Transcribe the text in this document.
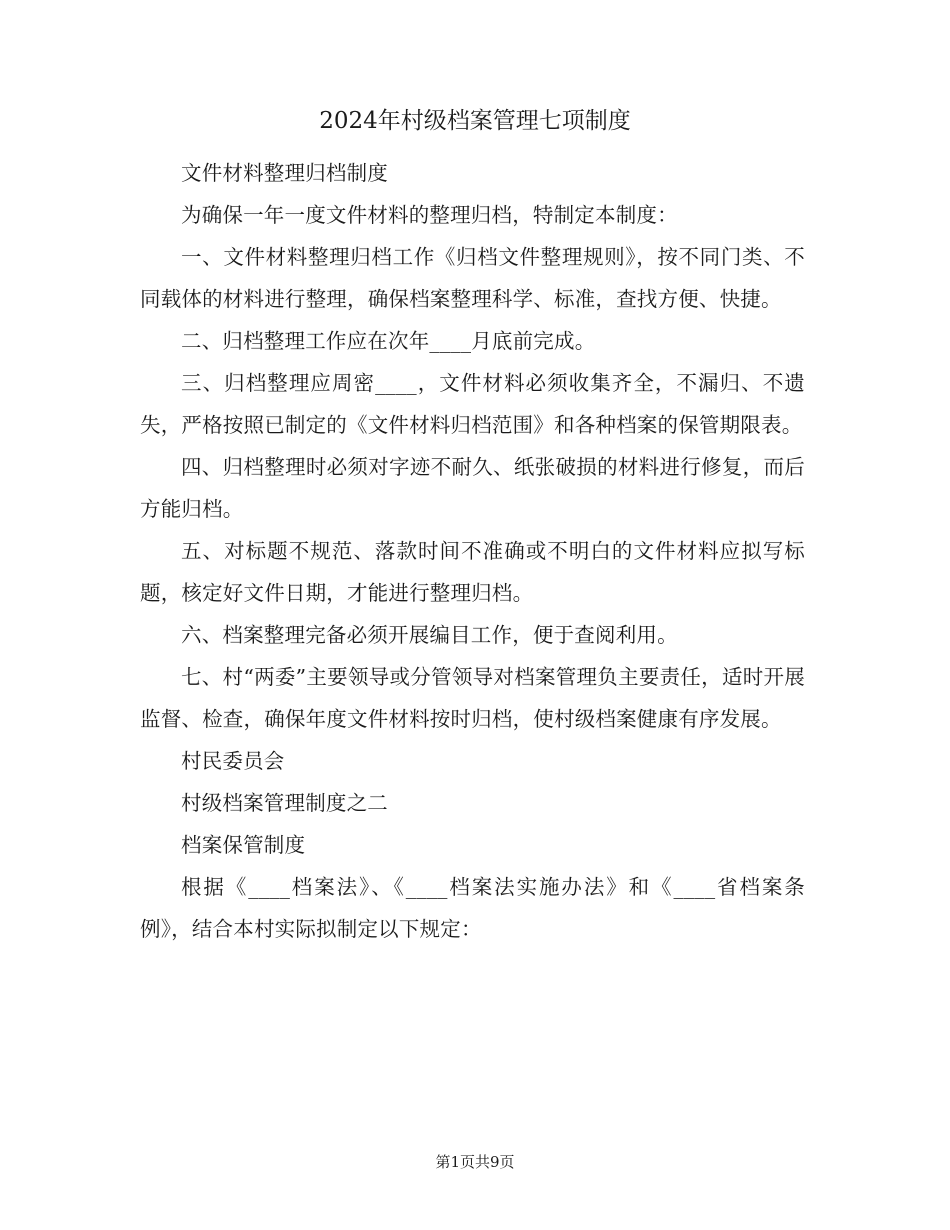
2024年村级档案管理七项制度

文件材料整理归档制度

为确保一年一度文件材料的整理归档，特制定本制度：

一、文件材料整理归档工作《归档文件整理规则》，按不同门类、不同载体的材料进行整理，确保档案整理科学、标准，查找方便、快捷。

二、归档整理工作应在次年____月底前完成。

三、归档整理应周密____，文件材料必须收集齐全，不漏归、不遗失，严格按照已制定的《文件材料归档范围》和各种档案的保管期限表。

四、归档整理时必须对字迹不耐久、纸张破损的材料进行修复，而后方能归档。

五、对标题不规范、落款时间不准确或不明白的文件材料应拟写标题，核定好文件日期，才能进行整理归档。

六、档案整理完备必须开展编目工作，便于查阅利用。

七、村“两委”主要领导或分管领导对档案管理负主要责任，适时开展监督、检查，确保年度文件材料按时归档，使村级档案健康有序发展。

村民委员会

村级档案管理制度之二

档案保管制度

根据《____档案法》、《____档案法实施办法》和《____省档案条例》，结合本村实际拟制定以下规定：

第1页共9页
